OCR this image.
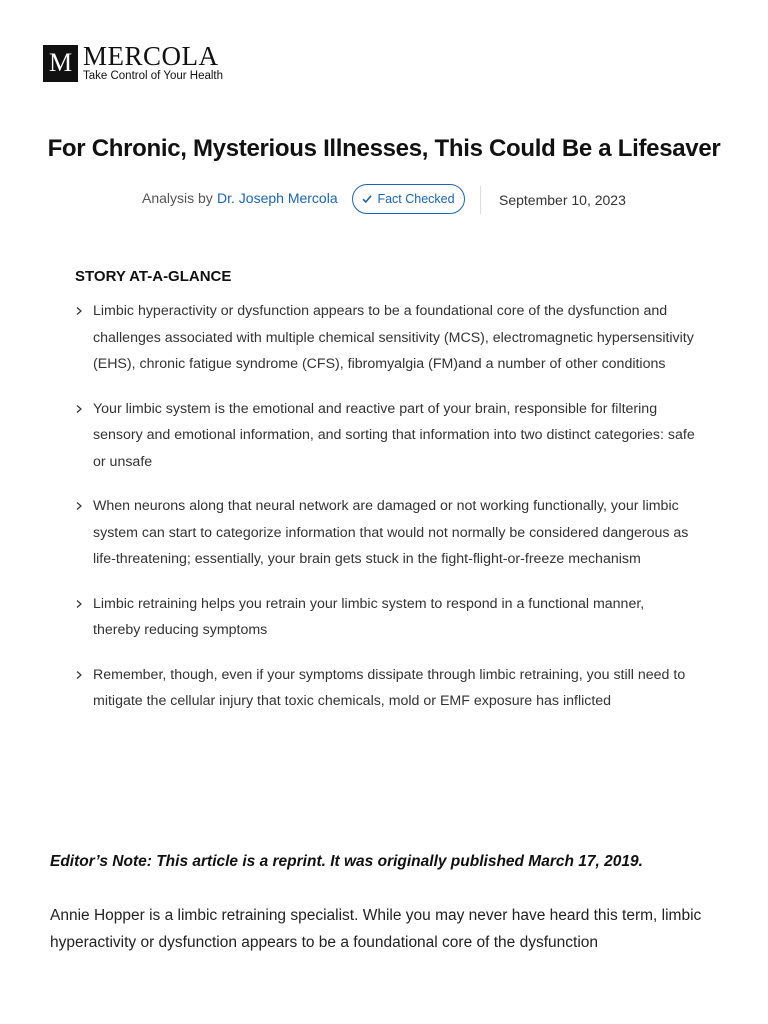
M MERCOLA
Take Control of Your Health
For Chronic, Mysterious Illnesses, This Could Be a Lifesaver
Analysis by Dr. Joseph Mercola	Fact Checked	September 10, 2023
STORY AT-A-GLANCE
Limbic hyperactivity or dysfunction appears to be a foundational core of the dysfunction and challenges associated with multiple chemical sensitivity (MCS), electromagnetic hypersensitivity (EHS), chronic fatigue syndrome (CFS), fibromyalgia (FM)and a number of other conditions
Your limbic system is the emotional and reactive part of your brain, responsible for filtering sensory and emotional information, and sorting that information into two distinct categories: safe or unsafe
When neurons along that neural network are damaged or not working functionally, your limbic system can start to categorize information that would not normally be considered dangerous as life-threatening; essentially, your brain gets stuck in the fight-flight-or-freeze mechanism
Limbic retraining helps you retrain your limbic system to respond in a functional manner, thereby reducing symptoms
Remember, though, even if your symptoms dissipate through limbic retraining, you still need to mitigate the cellular injury that toxic chemicals, mold or EMF exposure has inflicted

Editor’s Note: This article is a reprint. It was originally published March 17, 2019.

Annie Hopper is a limbic retraining specialist. While you may never have heard this term, limbic hyperactivity or dysfunction appears to be a foundational core of the dysfunction
